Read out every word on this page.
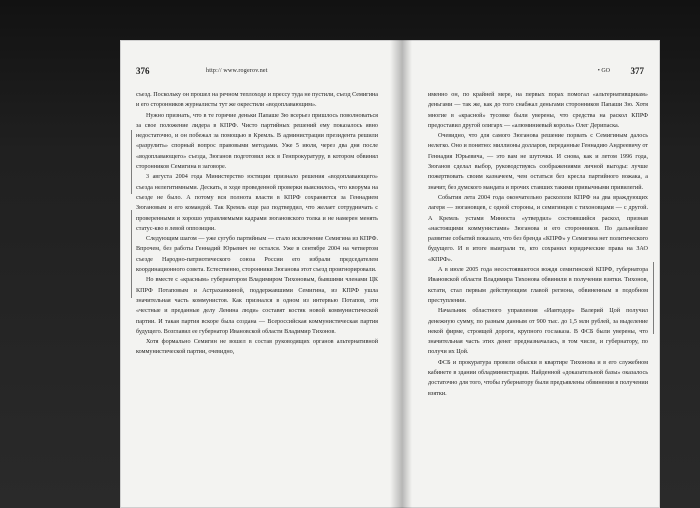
376	http:// www.rogerov.net

съезд. Поскольку он прошел на речном теплоходе и прессу туда не пустили, съезд Семигина и его сторонников журналисты тут же окрестили «водоплавающим».

Нужно признать, что в те горячие деньки Папаше Зю всерьез пришлось поволноваться за свое положение лидера в КПРФ. Чисто партийных решений ему показалось явно недостаточно, и он побежал за помощью в Кремль. В администрации президента решили «разрулить» спорный вопрос правовыми методами. Уже 5 июля, через два дня после «водоплавающего» съезда, Зюганов подготовил иск в Генпрокуратуру, в котором обвинял сторонников Семигина в заговоре.

3 августа 2004 года Министерство юстиции признало решения «водоплавающего» съезда нелегитимными. Дескать, в ходе проведенной проверки выяснилось, что кворума на съезде не было. А потому вся полнота власти в КПРФ сохраняется за Геннадием Зюгановым и его командой. Так Кремль еще раз подтвердил, что желает сотрудничать с проверенными и хорошо управляемыми кадрами зюгановского толка и не намерен менять статус-кво в левой оппозиции.

Следующим шагом — уже сугубо партийным — стало исключение Семигина из КПРФ. Впрочем, без работы Геннадий Юрьевич не остался. Уже в сентябре 2004 на четвертом съезде Народно-патриотического союза России его избрали председателем координационного совета. Естественно, сторонники Зюганова этот съезд проигнорировали.

Но вместе с «красным» губернатором Владимиром Тихоновым, бывшими членами ЦК КПРФ Потаповым и Астраханкиной, поддержавшими Семигина, из КПРФ ушла значительная часть коммунистов. Как признался в одном из интервью Потапов, эти «честные и преданные делу Ленина люди» составят костяк новой коммунистической партии. И такая партия вскоре была создана — Всероссийская коммунистическая партия будущего. Возглавил ее губернатор Ивановской области Владимир Тихонов.

Хотя формально Семигин не вошел в состав руководящих органов альтернативной коммунистической партии, очевидно,

• GO 377

именно он, по крайней мере, на первых порах помогал «альтернативщикам» деньгами — так же, как до того снабжал деньгами сторонников Папаши Зю. Хотя многие в «красной» тусовке были уверены, что средства на раскол КПРФ предоставил другой олигарх — «алюминиевый король» Олег Дерипаска.

Очевидно, что для самого Зюганова решение порвать с Семигиным далось нелегко. Оно и понятно: миллионы долларов, переданные Геннадию Андреевичу от Геннадия Юрьевича, — это вам не шуточки. И снова, как и летом 1996 года, Зюганов сделал выбор, руководствуясь соображениями личной выгоды: лучше пожертвовать своим казначеем, чем остаться без кресла партийного вожака, а значит, без думского мандата и прочих ставших такими привычными привилегий.

События лета 2004 года окончательно раскололи КПРФ на два враждующих лагеря — зюгановцев, с одной стороны, и семигинцев с тихоновцами — с другой. А Кремль устами Минюста «утвердил» состоявшийся раскол, признав «настоящими коммунистами» Зюганова и его сторонников. По дальнейшее развитие событий показало, что без бренда «КПРФ» у Семигина нет политического будущего. И в итоге выиграли те, кто сохранил юридические права на ЗАО «КПРФ».

А в июле 2005 года несостоявшегося вождя семигинской КПРФ, губернатора Ивановской области Владимира Тихонова обвинили в получении взятки. Тихонов, кстати, стал первым действующим главой региона, обвиненным в подобном преступлении.

Начальник областного управления «Иавтодор» Валерий Цой получил денежную сумму, по разным данным от 900 тыс. до 1,5 млн рублей, за выделение некой фирме, строящей дороги, крупного госзаказа. В ФСБ были уверены, что значительная часть этих денег предназначалась, в том числе, и губернатору, по получи их Цой.

ФСБ и прокуратура провели обыски в квартире Тихонова и в его служебном кабинете в здании обладминистрации. Найденной «доказательной базы» оказалось достаточно для того, чтобы губернатору были предъявлены обвинения в получении взятки.
